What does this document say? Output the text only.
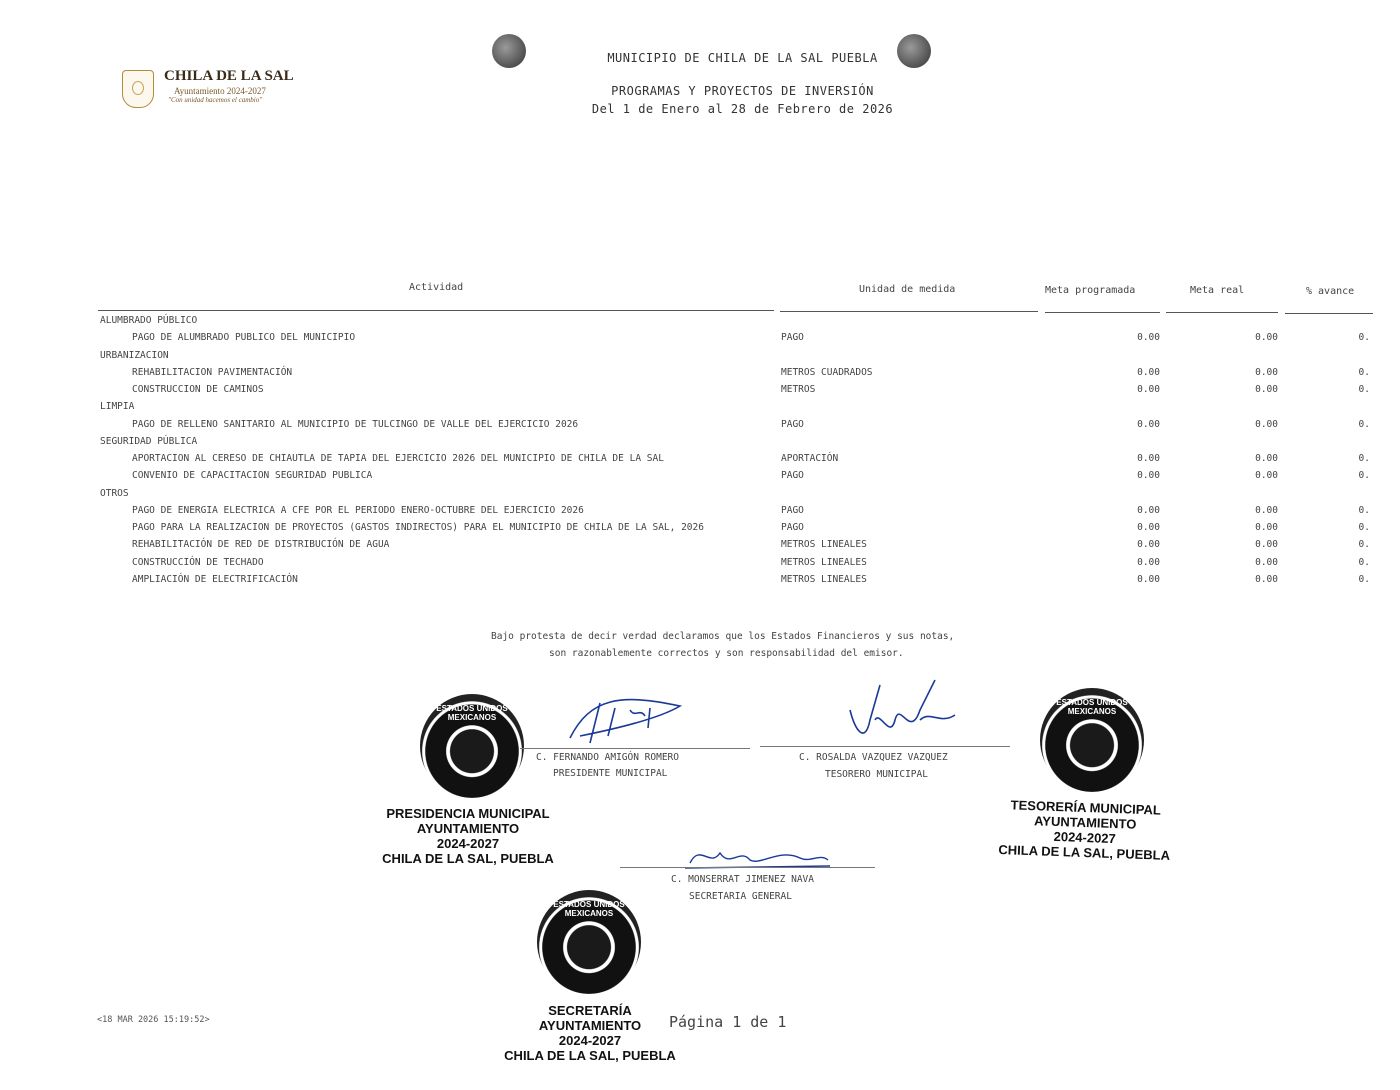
CHILA DE LA SAL
Ayuntamiento 2024-2027
"Con unidad hacemos el cambio"
MUNICIPIO DE CHILA DE LA SAL PUEBLA
PROGRAMAS Y PROYECTOS DE INVERSIÓN
Del 1 de Enero al 28 de Febrero de 2026
Actividad	Unidad de medida	Meta programada	Meta real	% avance
ALUMBRADO PÚBLICO
PAGO DE ALUMBRADO PUBLICO DEL MUNICIPIO	PAGO	0.00	0.00	0.
URBANIZACION
REHABILITACION PAVIMENTACIÓN	METROS CUADRADOS	0.00	0.00	0.
CONSTRUCCION DE CAMINOS	METROS	0.00	0.00	0.
LIMPIA
PAGO DE RELLENO SANITARIO AL MUNICIPIO DE TULCINGO DE VALLE DEL EJERCICIO 2026	PAGO	0.00	0.00	0.
SEGURIDAD PÚBLICA
APORTACION AL CERESO DE CHIAUTLA DE TAPIA DEL EJERCICIO 2026 DEL MUNICIPIO DE CHILA DE LA SAL	APORTACIÓN	0.00	0.00	0.
CONVENIO DE CAPACITACION SEGURIDAD PUBLICA	PAGO	0.00	0.00	0.
OTROS
PAGO DE ENERGIA ELECTRICA A CFE POR EL PERIODO ENERO-OCTUBRE DEL EJERCICIO 2026	PAGO	0.00	0.00	0.
PAGO PARA LA REALIZACION DE PROYECTOS (GASTOS INDIRECTOS) PARA EL MUNICIPIO DE CHILA DE LA SAL, 2026	PAGO	0.00	0.00	0.
REHABILITACIÓN DE RED DE DISTRIBUCIÓN DE AGUA	METROS LINEALES	0.00	0.00	0.
CONSTRUCCIÓN DE TECHADO	METROS LINEALES	0.00	0.00	0.
AMPLIACIÓN DE ELECTRIFICACIÓN	METROS LINEALES	0.00	0.00	0.
Bajo protesta de decir verdad declaramos que los Estados Financieros y sus notas,
son razonablemente correctos y son responsabilidad del emisor.
ESTADOS UNIDOS MEXICANOS
ESTADOS UNIDOS MEXICANOS
ESTADOS UNIDOS MEXICANOS
PRESIDENCIA MUNICIPAL
AYUNTAMIENTO
2024-2027
CHILA DE LA SAL, PUEBLA
TESORERÍA MUNICIPAL
AYUNTAMIENTO
2024-2027
CHILA DE LA SAL, PUEBLA
SECRETARÍA
AYUNTAMIENTO
2024-2027
CHILA DE LA SAL, PUEBLA
C. FERNANDO AMIGÓN ROMERO
PRESIDENTE MUNICIPAL
C. ROSALDA VAZQUEZ VAZQUEZ
TESORERO MUNICIPAL
C. MONSERRAT JIMENEZ NAVA
SECRETARIA GENERAL
<18 MAR 2026 15:19:52>	Página 1 de 1
